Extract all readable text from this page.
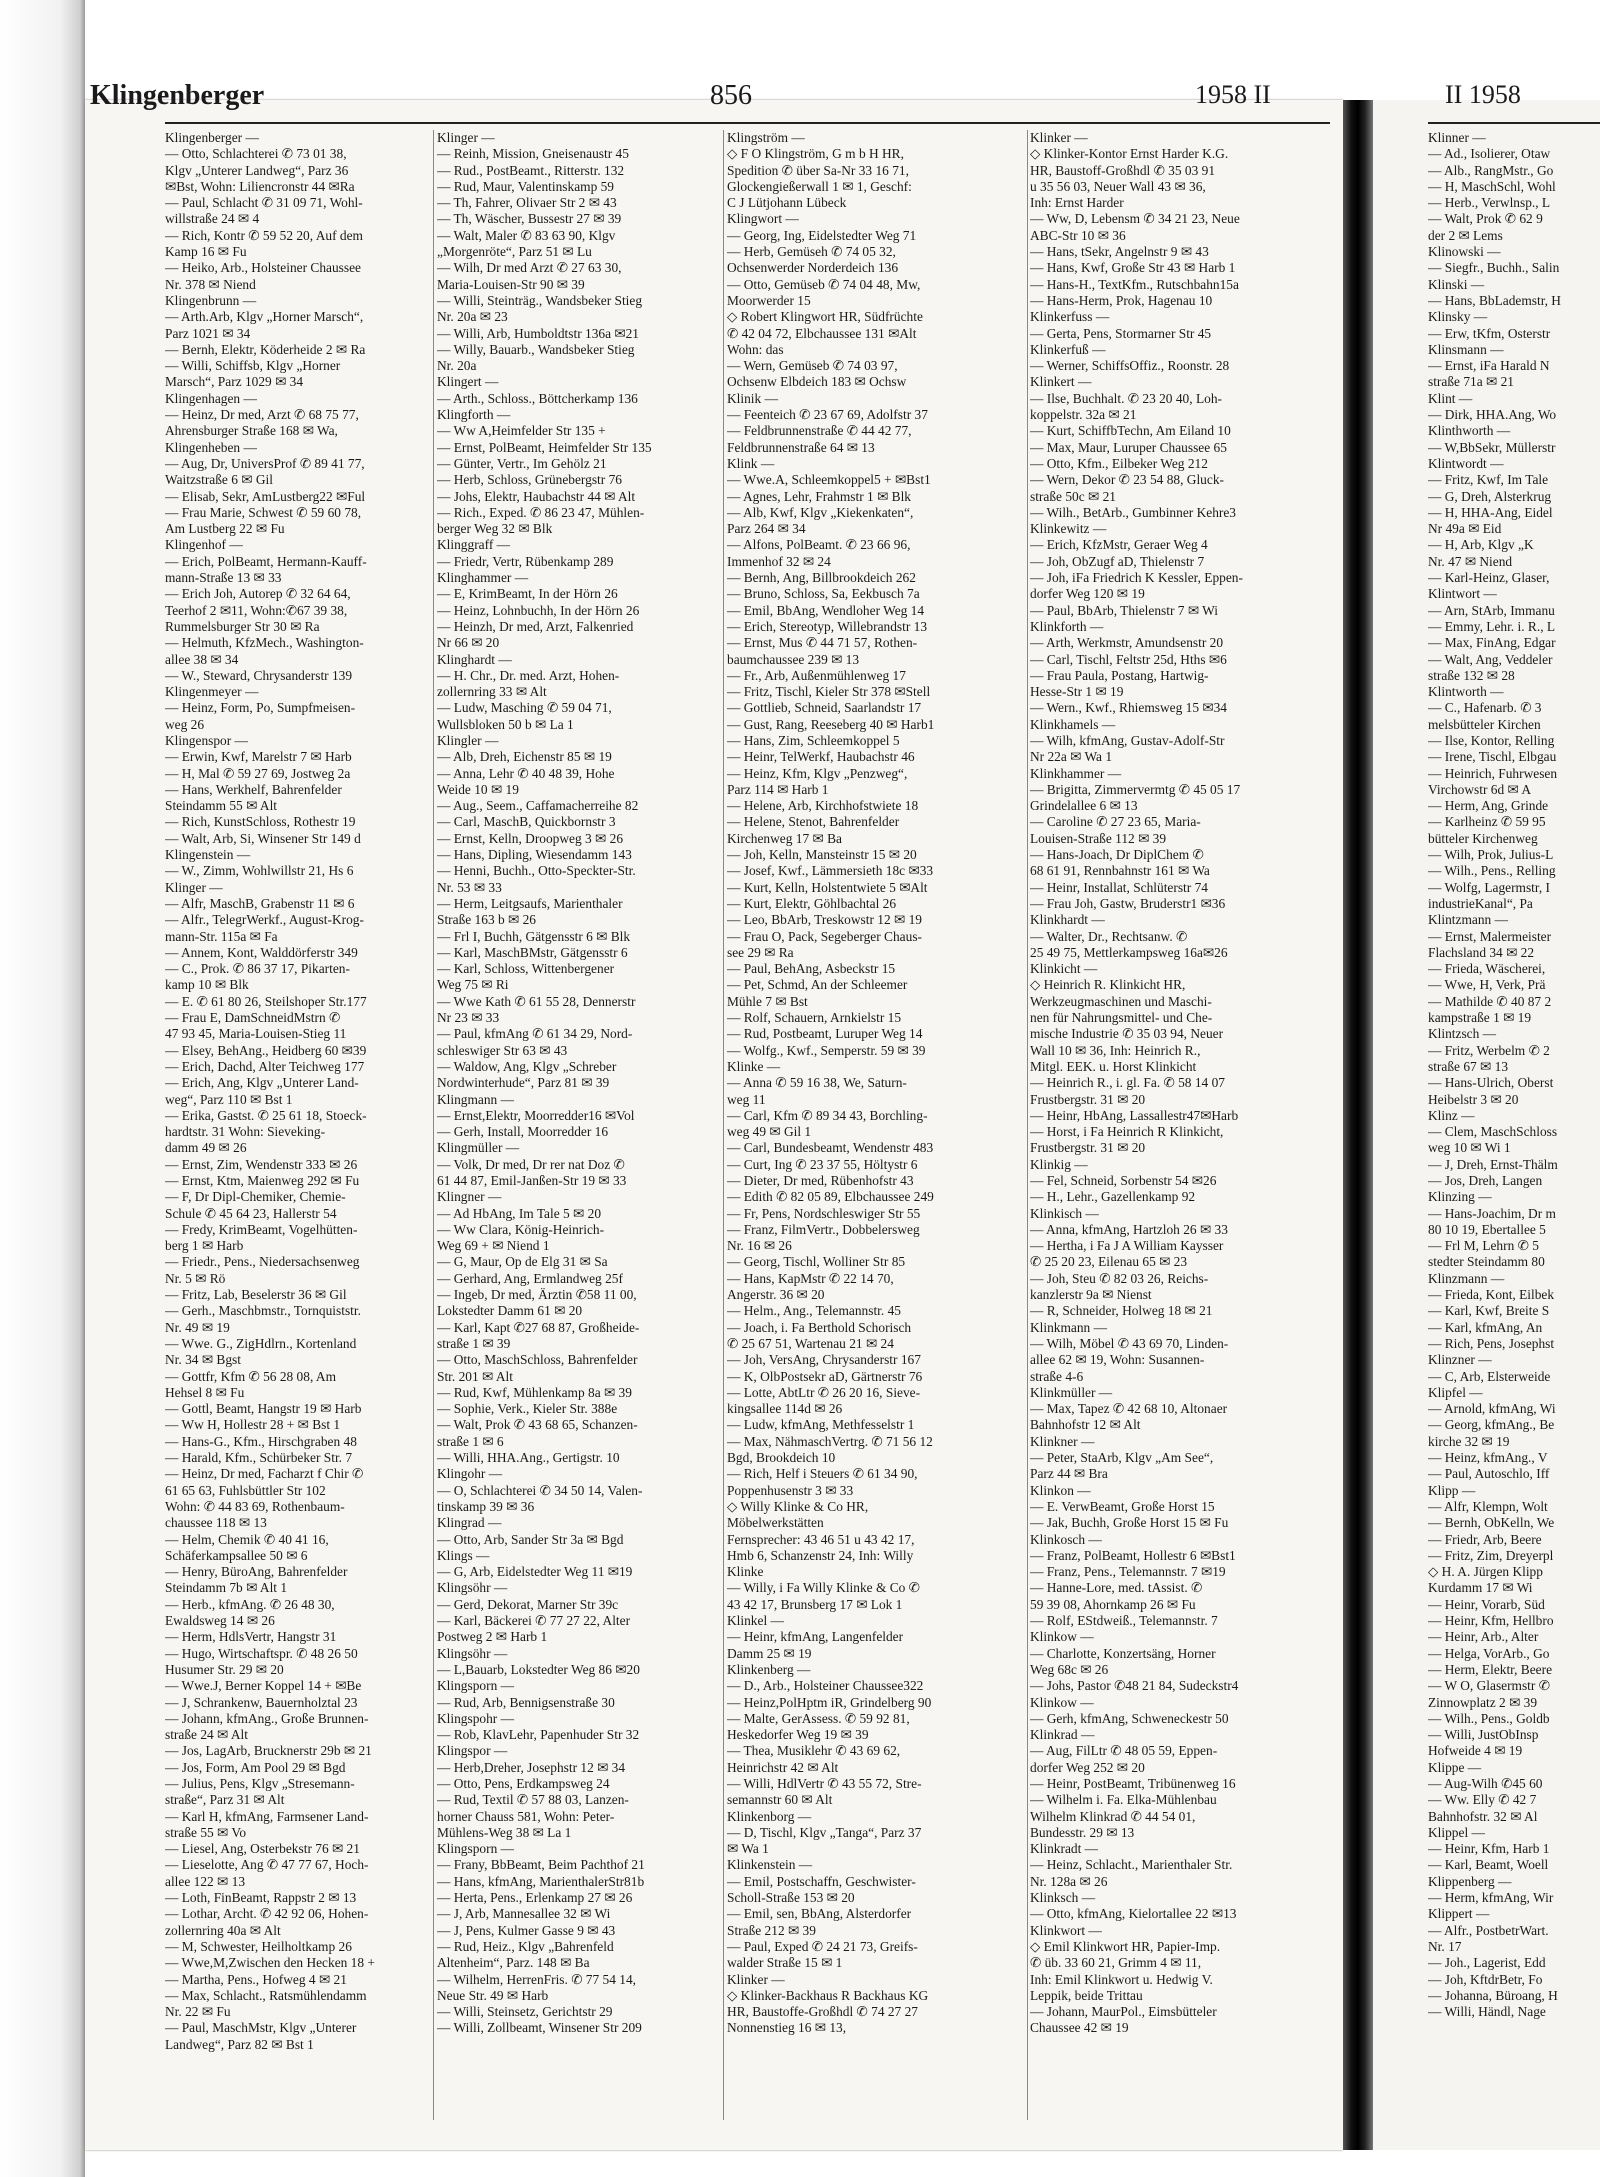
Klingenberger	856	1958 II	II 1958
Klingenberger —
— Otto, Schlachterei ✆ 73 01 38,
Klgv „Unterer Landweg“, Parz 36
✉Bst, Wohn: Liliencronstr 44 ✉Ra
— Paul, Schlacht ✆ 31 09 71, Wohl-
willstraße 24 ✉ 4
— Rich, Kontr ✆ 59 52 20, Auf dem
Kamp 16 ✉ Fu
— Heiko, Arb., Holsteiner Chaussee
Nr. 378 ✉ Niend
Klingenbrunn —
— Arth.Arb, Klgv „Horner Marsch“,
Parz 1021 ✉ 34
— Bernh, Elektr, Köderheide 2 ✉ Ra
— Willi, Schiffsb, Klgv „Horner
Marsch“, Parz 1029 ✉ 34
Klingenhagen —
— Heinz, Dr med, Arzt ✆ 68 75 77,
Ahrensburger Straße 168 ✉ Wa,
Klingenheben —
— Aug, Dr, UniversProf ✆ 89 41 77,
Waitzstraße 6 ✉ Gil
— Elisab, Sekr, AmLustberg22 ✉Ful
— Frau Marie, Schwest ✆ 59 60 78,
Am Lustberg 22 ✉ Fu
Klingenhof —
— Erich, PolBeamt, Hermann-Kauff-
mann-Straße 13 ✉ 33
— Erich Joh, Autorep ✆ 32 64 64,
Teerhof 2 ✉11, Wohn:✆67 39 38,
Rummelsburger Str 30 ✉ Ra
— Helmuth, KfzMech., Washington-
allee 38 ✉ 34
— W., Steward, Chrysanderstr 139
Klingenmeyer —
— Heinz, Form, Po, Sumpfmeisen-
weg 26
Klingenspor —
— Erwin, Kwf, Marelstr 7 ✉ Harb
— H, Mal ✆ 59 27 69, Jostweg 2a
— Hans, Werkhelf, Bahrenfelder
Steindamm 55 ✉ Alt
— Rich, KunstSchloss, Rothestr 19
— Walt, Arb, Si, Winsener Str 149 d
Klingenstein —
— W., Zimm, Wohlwillstr 21, Hs 6
Klinger —
— Alfr, MaschB, Grabenstr 11 ✉ 6
— Alfr., TelegrWerkf., August-Krog-
mann-Str. 115a ✉ Fa
— Annem, Kont, Walddörferstr 349
— C., Prok. ✆ 86 37 17, Pikarten-
kamp 10 ✉ Blk
— E. ✆ 61 80 26, Steilshoper Str.177
— Frau E, DamSchneidMstrn ✆
47 93 45, Maria-Louisen-Stieg 11
— Elsey, BehAng., Heidberg 60 ✉39
— Erich, Dachd, Alter Teichweg 177
— Erich, Ang, Klgv „Unterer Land-
weg“, Parz 110 ✉ Bst 1
— Erika, Gastst. ✆ 25 61 18, Stoeck-
hardtstr. 31 Wohn: Sieveking-
damm 49 ✉ 26
— Ernst, Zim, Wendenstr 333 ✉ 26
— Ernst, Ktm, Maienweg 292 ✉ Fu
— F, Dr Dipl-Chemiker, Chemie-
Schule ✆ 45 64 23, Hallerstr 54
— Fredy, KrimBeamt, Vogelhütten-
berg 1 ✉ Harb
— Friedr., Pens., Niedersachsenweg
Nr. 5 ✉ Rö
— Fritz, Lab, Beselerstr 36 ✉ Gil
— Gerh., Maschbmstr., Tornquiststr.
Nr. 49 ✉ 19
— Wwe. G., ZigHdlrn., Kortenland
Nr. 34 ✉ Bgst
— Gottfr, Kfm ✆ 56 28 08, Am
Hehsel 8 ✉ Fu
— Gottl, Beamt, Hangstr 19 ✉ Harb
— Ww H, Hollestr 28 + ✉ Bst 1
— Hans-G., Kfm., Hirschgraben 48
— Harald, Kfm., Schürbeker Str. 7
— Heinz, Dr med, Facharzt f Chir ✆
61 65 63, Fuhlsbüttler Str 102
Wohn: ✆ 44 83 69, Rothenbaum-
chaussee 118 ✉ 13
— Helm, Chemik ✆ 40 41 16,
Schäferkampsallee 50 ✉ 6
— Henry, BüroAng, Bahrenfelder
Steindamm 7b ✉ Alt 1
— Herb., kfmAng. ✆ 26 48 30,
Ewaldsweg 14 ✉ 26
— Herm, HdlsVertr, Hangstr 31
— Hugo, Wirtschaftspr. ✆ 48 26 50
Husumer Str. 29 ✉ 20
— Wwe.J, Berner Koppel 14 + ✉Be
— J, Schrankenw, Bauernholztal 23
— Johann, kfmAng., Große Brunnen-
straße 24 ✉ Alt
— Jos, LagArb, Brucknerstr 29b ✉ 21
— Jos, Form, Am Pool 29 ✉ Bgd
— Julius, Pens, Klgv „Stresemann-
straße“, Parz 31 ✉ Alt
— Karl H, kfmAng, Farmsener Land-
straße 55 ✉ Vo
— Liesel, Ang, Osterbekstr 76 ✉ 21
— Lieselotte, Ang ✆ 47 77 67, Hoch-
allee 122 ✉ 13
— Loth, FinBeamt, Rappstr 2 ✉ 13
— Lothar, Archt. ✆ 42 92 06, Hohen-
zollernring 40a ✉ Alt
— M, Schwester, Heilholtkamp 26
— Wwe,M,Zwischen den Hecken 18 +
— Martha, Pens., Hofweg 4 ✉ 21
— Max, Schlacht., Ratsmühlendamm
Nr. 22 ✉ Fu
— Paul, MaschMstr, Klgv „Unterer
Landweg“, Parz 82 ✉ Bst 1
Klinger —
— Reinh, Mission, Gneisenaustr 45
— Rud., PostBeamt., Ritterstr. 132
— Rud, Maur, Valentinskamp 59
— Th, Fahrer, Olivaer Str 2 ✉ 43
— Th, Wäscher, Bussestr 27 ✉ 39
— Walt, Maler ✆ 83 63 90, Klgv
„Morgenröte“, Parz 51 ✉ Lu
— Wilh, Dr med Arzt ✆ 27 63 30,
Maria-Louisen-Str 90 ✉ 39
— Willi, Steinträg., Wandsbeker Stieg
Nr. 20a ✉ 23
— Willi, Arb, Humboldtstr 136a ✉21
— Willy, Bauarb., Wandsbeker Stieg
Nr. 20a
Klingert —
— Arth., Schloss., Böttcherkamp 136
Klingforth —
— Ww A,Heimfelder Str 135 +
— Ernst, PolBeamt, Heimfelder Str 135
— Günter, Vertr., Im Gehölz 21
— Herb, Schloss, Grünebergstr 76
— Johs, Elektr, Haubachstr 44 ✉ Alt
— Rich., Exped. ✆ 86 23 47, Mühlen-
berger Weg 32 ✉ Blk
Klinggraff —
— Friedr, Vertr, Rübenkamp 289
Klinghammer —
— E, KrimBeamt, In der Hörn 26
— Heinz, Lohnbuchh, In der Hörn 26
— Heinzh, Dr med, Arzt, Falkenried
Nr 66 ✉ 20
Klinghardt —
— H. Chr., Dr. med. Arzt, Hohen-
zollernring 33 ✉ Alt
— Ludw, Masching ✆ 59 04 71,
Wullsbloken 50 b ✉ La 1
Klingler —
— Alb, Dreh, Eichenstr 85 ✉ 19
— Anna, Lehr ✆ 40 48 39, Hohe
Weide 10 ✉ 19
— Aug., Seem., Caffamacherreihe 82
— Carl, MaschB, Quickbornstr 3
— Ernst, Kelln, Droopweg 3 ✉ 26
— Hans, Dipling, Wiesendamm 143
— Henni, Buchh., Otto-Speckter-Str.
Nr. 53 ✉ 33
— Herm, Leitgsaufs, Marienthaler
Straße 163 b ✉ 26
— Frl I, Buchh, Gätgensstr 6 ✉ Blk
— Karl, MaschBMstr, Gätgensstr 6
— Karl, Schloss, Wittenbergener
Weg 75 ✉ Ri
— Wwe Kath ✆ 61 55 28, Dennerstr
Nr 23 ✉ 33
— Paul, kfmAng ✆ 61 34 29, Nord-
schleswiger Str 63 ✉ 43
— Waldow, Ang, Klgv „Schreber
Nordwinterhude“, Parz 81 ✉ 39
Klingmann —
— Ernst,Elektr, Moorredder16 ✉Vol
— Gerh, Install, Moorredder 16
Klingmüller —
— Volk, Dr med, Dr rer nat Doz ✆
61 44 87, Emil-Janßen-Str 19 ✉ 33
Klingner —
— Ad HbAng, Im Tale 5 ✉ 20
— Ww Clara, König-Heinrich-
Weg 69 + ✉ Niend 1
— G, Maur, Op de Elg 31 ✉ Sa
— Gerhard, Ang, Ermlandweg 25f
— Ingeb, Dr med, Ärztin ✆58 11 00,
Lokstedter Damm 61 ✉ 20
— Karl, Kapt ✆27 68 87, Großheide-
straße 1 ✉ 39
— Otto, MaschSchloss, Bahrenfelder
Str. 201 ✉ Alt
— Rud, Kwf, Mühlenkamp 8a ✉ 39
— Sophie, Verk., Kieler Str. 388e
— Walt, Prok ✆ 43 68 65, Schanzen-
straße 1 ✉ 6
— Willi, HHA.Ang., Gertigstr. 10
Klingohr —
— O, Schlachterei ✆ 34 50 14, Valen-
tinskamp 39 ✉ 36
Klingrad —
— Otto, Arb, Sander Str 3a ✉ Bgd
Klings —
— G, Arb, Eidelstedter Weg 11 ✉19
Klingsöhr —
— Gerd, Dekorat, Marner Str 39c
— Karl, Bäckerei ✆ 77 27 22, Alter
Postweg 2 ✉ Harb 1
Klingsöhr —
— L,Bauarb, Lokstedter Weg 86 ✉20
Klingsporn —
— Rud, Arb, Bennigsenstraße 30
Klingspohr —
— Rob, KlavLehr, Papenhuder Str 32
Klingspor —
— Herb,Dreher, Josephstr 12 ✉ 34
— Otto, Pens, Erdkampsweg 24
— Rud, Textil ✆ 57 88 03, Lanzen-
horner Chauss 581, Wohn: Peter-
Mühlens-Weg 38 ✉ La 1
Klingsporn —
— Frany, BbBeamt, Beim Pachthof 21
— Hans, kfmAng, MarienthalerStr81b
— Herta, Pens., Erlenkamp 27 ✉ 26
— J, Arb, Mannesallee 32 ✉ Wi
— J, Pens, Kulmer Gasse 9 ✉ 43
— Rud, Heiz., Klgv „Bahrenfeld
Altenheim“, Parz. 148 ✉ Ba
— Wilhelm, HerrenFris. ✆ 77 54 14,
Neue Str. 49 ✉ Harb
— Willi, Steinsetz, Gerichtstr 29
— Willi, Zollbeamt, Winsener Str 209
Klingström —
◇ F O Klingström, G m b H HR,
Spedition ✆ über Sa-Nr 33 16 71,
Glockengießerwall 1 ✉ 1, Geschf:
C J Lütjohann Lübeck
Klingwort —
— Georg, Ing, Eidelstedter Weg 71
— Herb, Gemüseh ✆ 74 05 32,
Ochsenwerder Norderdeich 136
— Otto, Gemüseb ✆ 74 04 48, Mw,
Moorwerder 15
◇ Robert Klingwort HR, Südfrüchte
✆ 42 04 72, Elbchaussee 131 ✉Alt
Wohn: das
— Wern, Gemüseb ✆ 74 03 97,
Ochsenw Elbdeich 183 ✉ Ochsw
Klinik —
— Feenteich ✆ 23 67 69, Adolfstr 37
— Feldbrunnenstraße ✆ 44 42 77,
Feldbrunnenstraße 64 ✉ 13
Klink —
— Wwe.A, Schleemkoppel5 + ✉Bst1
— Agnes, Lehr, Frahmstr 1 ✉ Blk
— Alb, Kwf, Klgv „Kiekenkaten“,
Parz 264 ✉ 34
— Alfons, PolBeamt. ✆ 23 66 96,
Immenhof 32 ✉ 24
— Bernh, Ang, Billbrookdeich 262
— Bruno, Schloss, Sa, Eekbusch 7a
— Emil, BbAng, Wendloher Weg 14
— Erich, Stereotyp, Willebrandstr 13
— Ernst, Mus ✆ 44 71 57, Rothen-
baumchaussee 239 ✉ 13
— Fr., Arb, Außenmühlenweg 17
— Fritz, Tischl, Kieler Str 378 ✉Stell
— Gottlieb, Schneid, Saarlandstr 17
— Gust, Rang, Reeseberg 40 ✉ Harb1
— Hans, Zim, Schleemkoppel 5
— Heinr, TelWerkf, Haubachstr 46
— Heinz, Kfm, Klgv „Penzweg“,
Parz 114 ✉ Harb 1
— Helene, Arb, Kirchhofstwiete 18
— Helene, Stenot, Bahrenfelder
Kirchenweg 17 ✉ Ba
— Joh, Kelln, Mansteinstr 15 ✉ 20
— Josef, Kwf., Lämmersieth 18c ✉33
— Kurt, Kelln, Holstentwiete 5 ✉Alt
— Kurt, Elektr, Göhlbachtal 26
— Leo, BbArb, Treskowstr 12 ✉ 19
— Frau O, Pack, Segeberger Chaus-
see 29 ✉ Ra
— Paul, BehAng, Asbeckstr 15
— Pet, Schmd, An der Schleemer
Mühle 7 ✉ Bst
— Rolf, Schauern, Arnkielstr 15
— Rud, Postbeamt, Luruper Weg 14
— Wolfg., Kwf., Semperstr. 59 ✉ 39
Klinke —
— Anna ✆ 59 16 38, We, Saturn-
weg 11
— Carl, Kfm ✆ 89 34 43, Borchling-
weg 49 ✉ Gil 1
— Carl, Bundesbeamt, Wendenstr 483
— Curt, Ing ✆ 23 37 55, Höltystr 6
— Dieter, Dr med, Rübenhofstr 43
— Edith ✆ 82 05 89, Elbchaussee 249
— Fr, Pens, Nordschleswiger Str 55
— Franz, FilmVertr., Dobbelersweg
Nr. 16 ✉ 26
— Georg, Tischl, Wolliner Str 85
— Hans, KapMstr ✆ 22 14 70,
Angerstr. 36 ✉ 20
— Helm., Ang., Telemannstr. 45
— Joach, i. Fa Berthold Schorisch
✆ 25 67 51, Wartenau 21 ✉ 24
— Joh, VersAng, Chrysanderstr 167
— K, OlbPostsekr aD, Gärtnerstr 76
— Lotte, AbtLtr ✆ 26 20 16, Sieve-
kingsallee 114d ✉ 26
— Ludw, kfmAng, Methfesselstr 1
— Max, NähmaschVertrg. ✆ 71 56 12
Bgd, Brookdeich 10
— Rich, Helf i Steuers ✆ 61 34 90,
Poppenhusenstr 3 ✉ 33
◇ Willy Klinke & Co HR,
Möbelwerkstätten
Fernsprecher: 43 46 51 u 43 42 17,
Hmb 6, Schanzenstr 24, Inh: Willy
Klinke
— Willy, i Fa Willy Klinke & Co ✆
43 42 17, Brunsberg 17 ✉ Lok 1
Klinkel —
— Heinr, kfmAng, Langenfelder
Damm 25 ✉ 19
Klinkenberg —
— D., Arb., Holsteiner Chaussee322
— Heinz,PolHptm iR, Grindelberg 90
— Malte, GerAssess. ✆ 59 92 81,
Heskedorfer Weg 19 ✉ 39
— Thea, Musiklehr ✆ 43 69 62,
Heinrichstr 42 ✉ Alt
— Willi, HdlVertr ✆ 43 55 72, Stre-
semannstr 60 ✉ Alt
Klinkenborg —
— D, Tischl, Klgv „Tanga“, Parz 37
✉ Wa 1
Klinkenstein —
— Emil, Postschaffn, Geschwister-
Scholl-Straße 153 ✉ 20
— Emil, sen, BbAng, Alsterdorfer
Straße 212 ✉ 39
— Paul, Exped ✆ 24 21 73, Greifs-
walder Straße 15 ✉ 1
Klinker —
◇ Klinker-Backhaus R Backhaus KG
HR, Baustoffe-Großhdl ✆ 74 27 27
Nonnenstieg 16 ✉ 13,
Klinker —
◇ Klinker-Kontor Ernst Harder K.G.
HR, Baustoff-Großhdl ✆ 35 03 91
u 35 56 03, Neuer Wall 43 ✉ 36,
Inh: Ernst Harder
— Ww, D, Lebensm ✆ 34 21 23, Neue
ABC-Str 10 ✉ 36
— Hans, tSekr, Angelnstr 9 ✉ 43
— Hans, Kwf, Große Str 43 ✉ Harb 1
— Hans-H., TextKfm., Rutschbahn15a
— Hans-Herm, Prok, Hagenau 10
Klinkerfuss —
— Gerta, Pens, Stormarner Str 45
Klinkerfuß —
— Werner, SchiffsOffiz., Roonstr. 28
Klinkert —
— Ilse, Buchhalt. ✆ 23 20 40, Loh-
koppelstr. 32a ✉ 21
— Kurt, SchiffbTechn, Am Eiland 10
— Max, Maur, Luruper Chaussee 65
— Otto, Kfm., Eilbeker Weg 212
— Wern, Dekor ✆ 23 54 88, Gluck-
straße 50c ✉ 21
— Wilh., BetArb., Gumbinner Kehre3
Klinkewitz —
— Erich, KfzMstr, Geraer Weg 4
— Joh, ObZugf aD, Thielenstr 7
— Joh, iFa Friedrich K Kessler, Eppen-
dorfer Weg 120 ✉ 19
— Paul, BbArb, Thielenstr 7 ✉ Wi
Klinkforth —
— Arth, Werkmstr, Amundsenstr 20
— Carl, Tischl, Feltstr 25d, Hths ✉6
— Frau Paula, Postang, Hartwig-
Hesse-Str 1 ✉ 19
— Wern., Kwf., Rhiemsweg 15 ✉34
Klinkhamels —
— Wilh, kfmAng, Gustav-Adolf-Str
Nr 22a ✉ Wa 1
Klinkhammer —
— Brigitta, Zimmervermtg ✆ 45 05 17
Grindelallee 6 ✉ 13
— Caroline ✆ 27 23 65, Maria-
Louisen-Straße 112 ✉ 39
— Hans-Joach, Dr DiplChem ✆
68 61 91, Rennbahnstr 161 ✉ Wa
— Heinr, Installat, Schlüterstr 74
— Frau Joh, Gastw, Bruderstr1 ✉36
Klinkhardt —
— Walter, Dr., Rechtsanw. ✆
25 49 75, Mettlerkampsweg 16a✉26
Klinkicht —
◇ Heinrich R. Klinkicht HR,
Werkzeugmaschinen und Maschi-
nen für Nahrungsmittel- und Che-
mische Industrie ✆ 35 03 94, Neuer
Wall 10 ✉ 36, Inh: Heinrich R.,
Mitgl. EEK. u. Horst Klinkicht
— Heinrich R., i. gl. Fa. ✆ 58 14 07
Frustbergstr. 31 ✉ 20
— Heinr, HbAng, Lassallestr47✉Harb
— Horst, i Fa Heinrich R Klinkicht,
Frustbergstr. 31 ✉ 20
Klinkig —
— Fel, Schneid, Sorbenstr 54 ✉26
— H., Lehr., Gazellenkamp 92
Klinkisch —
— Anna, kfmAng, Hartzloh 26 ✉ 33
— Hertha, i Fa J A William Kaysser
✆ 25 20 23, Eilenau 65 ✉ 23
— Joh, Steu ✆ 82 03 26, Reichs-
kanzlerstr 9a ✉ Nienst
— R, Schneider, Holweg 18 ✉ 21
Klinkmann —
— Wilh, Möbel ✆ 43 69 70, Linden-
allee 62 ✉ 19, Wohn: Susannen-
straße 4-6
Klinkmüller —
— Max, Tapez ✆ 42 68 10, Altonaer
Bahnhofstr 12 ✉ Alt
Klinkner —
— Peter, StaArb, Klgv „Am See“,
Parz 44 ✉ Bra
Klinkon —
— E. VerwBeamt, Große Horst 15
— Jak, Buchh, Große Horst 15 ✉ Fu
Klinkosch —
— Franz, PolBeamt, Hollestr 6 ✉Bst1
— Franz, Pens., Telemannstr. 7 ✉19
— Hanne-Lore, med. tAssist. ✆
59 39 08, Ahornkamp 26 ✉ Fu
— Rolf, EStdweiß., Telemannstr. 7
Klinkow —
— Charlotte, Konzertsäng, Horner
Weg 68c ✉ 26
— Johs, Pastor ✆48 21 84, Sudeckstr4
Klinkow —
— Gerh, kfmAng, Schweneckestr 50
Klinkrad —
— Aug, FilLtr ✆ 48 05 59, Eppen-
dorfer Weg 252 ✉ 20
— Heinr, PostBeamt, Tribünenweg 16
— Wilhelm i. Fa. Elka-Mühlenbau
Wilhelm Klinkrad ✆ 44 54 01,
Bundesstr. 29 ✉ 13
Klinkradt —
— Heinz, Schlacht., Marienthaler Str.
Nr. 128a ✉ 26
Klinksch —
— Otto, kfmAng, Kielortallee 22 ✉13
Klinkwort —
◇ Emil Klinkwort HR, Papier-Imp.
✆ üb. 33 60 21, Grimm 4 ✉ 11,
Inh: Emil Klinkwort u. Hedwig V.
Leppik, beide Trittau
— Johann, MaurPol., Eimsbütteler
Chaussee 42 ✉ 19
Klinner —
— Ad., Isolierer, Otaw
— Alb., RangMstr., Go
— H, MaschSchl, Wohl
— Herb., Verwlnsp., L
— Walt, Prok ✆ 62 9
der 2 ✉ Lems
Klinowski —
— Siegfr., Buchh., Salin
Klinski —
— Hans, BbLademstr, H
Klinsky —
— Erw, tKfm, Osterstr
Klinsmann —
— Ernst, iFa Harald N
straße 71a ✉ 21
Klint —
— Dirk, HHA.Ang, Wo
Klinthworth —
— W,BbSekr, Müllerstr
Klintwordt —
— Fritz, Kwf, Im Tale
— G, Dreh, Alsterkrug
— H, HHA-Ang, Eidel
Nr 49a ✉ Eid
— H, Arb, Klgv „K
Nr. 47 ✉ Niend
— Karl-Heinz, Glaser,
Klintwort —
— Arn, StArb, Immanu
— Emmy, Lehr. i. R., L
— Max, FinAng, Edgar
— Walt, Ang, Veddeler
straße 132 ✉ 28
Klintworth —
— C., Hafenarb. ✆ 3
melsbütteler Kirchen
— Ilse, Kontor, Relling
— Irene, Tischl, Elbgau
— Heinrich, Fuhrwesen
Virchowstr 6d ✉ A
— Herm, Ang, Grinde
— Karlheinz ✆ 59 95
bütteler Kirchenweg
— Wilh, Prok, Julius-L
— Wilh., Pens., Relling
— Wolfg, Lagermstr, I
industrieKanal“, Pa
Klintzmann —
— Ernst, Malermeister
Flachsland 34 ✉ 22
— Frieda, Wäscherei,
— Wwe, H, Verk, Prä
— Mathilde ✆ 40 87 2
kampstraße 1 ✉ 19
Klintzsch —
— Fritz, Werbelm ✆ 2
straße 67 ✉ 13
— Hans-Ulrich, Oberst
Heibelstr 3 ✉ 20
Klinz —
— Clem, MaschSchloss
weg 10 ✉ Wi 1
— J, Dreh, Ernst-Thälm
— Jos, Dreh, Langen
Klinzing —
— Hans-Joachim, Dr m
80 10 19, Ebertallee 5
— Frl M, Lehrn ✆ 5
stedter Steindamm 80
Klinzmann —
— Frieda, Kont, Eilbek
— Karl, Kwf, Breite S
— Karl, kfmAng, An
— Rich, Pens, Josephst
Klinzner —
— C, Arb, Elsterweide
Klipfel —
— Arnold, kfmAng, Wi
— Georg, kfmAng., Be
kirche 32 ✉ 19
— Heinz, kfmAng., V
— Paul, Autoschlo, Iff
Klipp —
— Alfr, Klempn, Wolt
— Bernh, ObKelln, We
— Friedr, Arb, Beere
— Fritz, Zim, Dreyerpl
◇ H. A. Jürgen Klipp
Kurdamm 17 ✉ Wi
— Heinr, Vorarb, Süd
— Heinr, Kfm, Hellbro
— Heinr, Arb., Alter
— Helga, VorArb., Go
— Herm, Elektr, Beere
— W O, Glasermstr ✆
Zinnowplatz 2 ✉ 39
— Wilh., Pens., Goldb
— Willi, JustObInsp
Hofweide 4 ✉ 19
Klippe —
— Aug-Wilh ✆45 60
— Ww. Elly ✆ 42 7
Bahnhofstr. 32 ✉ Al
Klippel —
— Heinr, Kfm, Harb 1
— Karl, Beamt, Woell
Klippenberg —
— Herm, kfmAng, Wir
Klippert —
— Alfr., PostbetrWart.
Nr. 17
— Joh., Lagerist, Edd
— Joh, KftdrBetr, Fo
— Johanna, Büroang, H
— Willi, Händl, Nage
